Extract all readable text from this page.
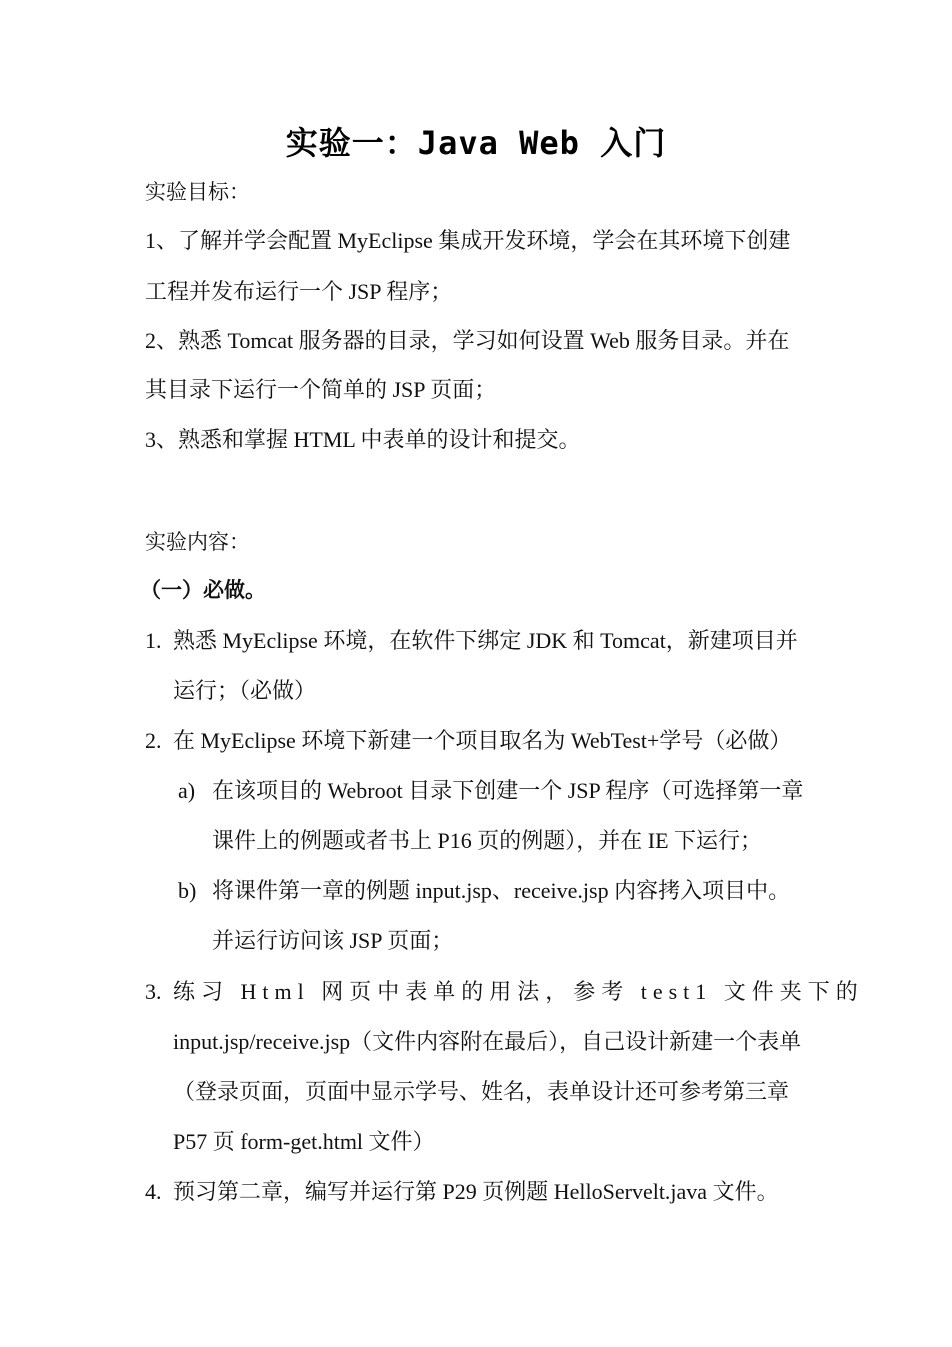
实验一：Java Web 入门
实验目标：
1、了解并学会配置 MyEclipse 集成开发环境，学会在其环境下创建
工程并发布运行一个 JSP 程序；
2、熟悉 Tomcat 服务器的目录，学习如何设置 Web 服务目录。并在
其目录下运行一个简单的 JSP 页面；
3、熟悉和掌握 HTML 中表单的设计和提交。
实验内容：
（一）必做。
1. 熟悉 MyEclipse 环境，在软件下绑定 JDK 和 Tomcat，新建项目并
运行；（必做）
2. 在 MyEclipse 环境下新建一个项目取名为 WebTest+学号（必做）
a) 在该项目的 Webroot 目录下创建一个 JSP 程序（可选择第一章
课件上的例题或者书上 P16 页的例题），并在 IE 下运行；
b) 将课件第一章的例题 input.jsp、receive.jsp 内容拷入项目中。
并运行访问该 JSP 页面；
3. 练习 Html 网页中表单的用法，参考 test1 文件夹下的
input.jsp/receive.jsp（文件内容附在最后），自己设计新建一个表单
（登录页面，页面中显示学号、姓名，表单设计还可参考第三章
P57 页 form-get.html 文件）
4. 预习第二章，编写并运行第 P29 页例题 HelloServelt.java 文件。
